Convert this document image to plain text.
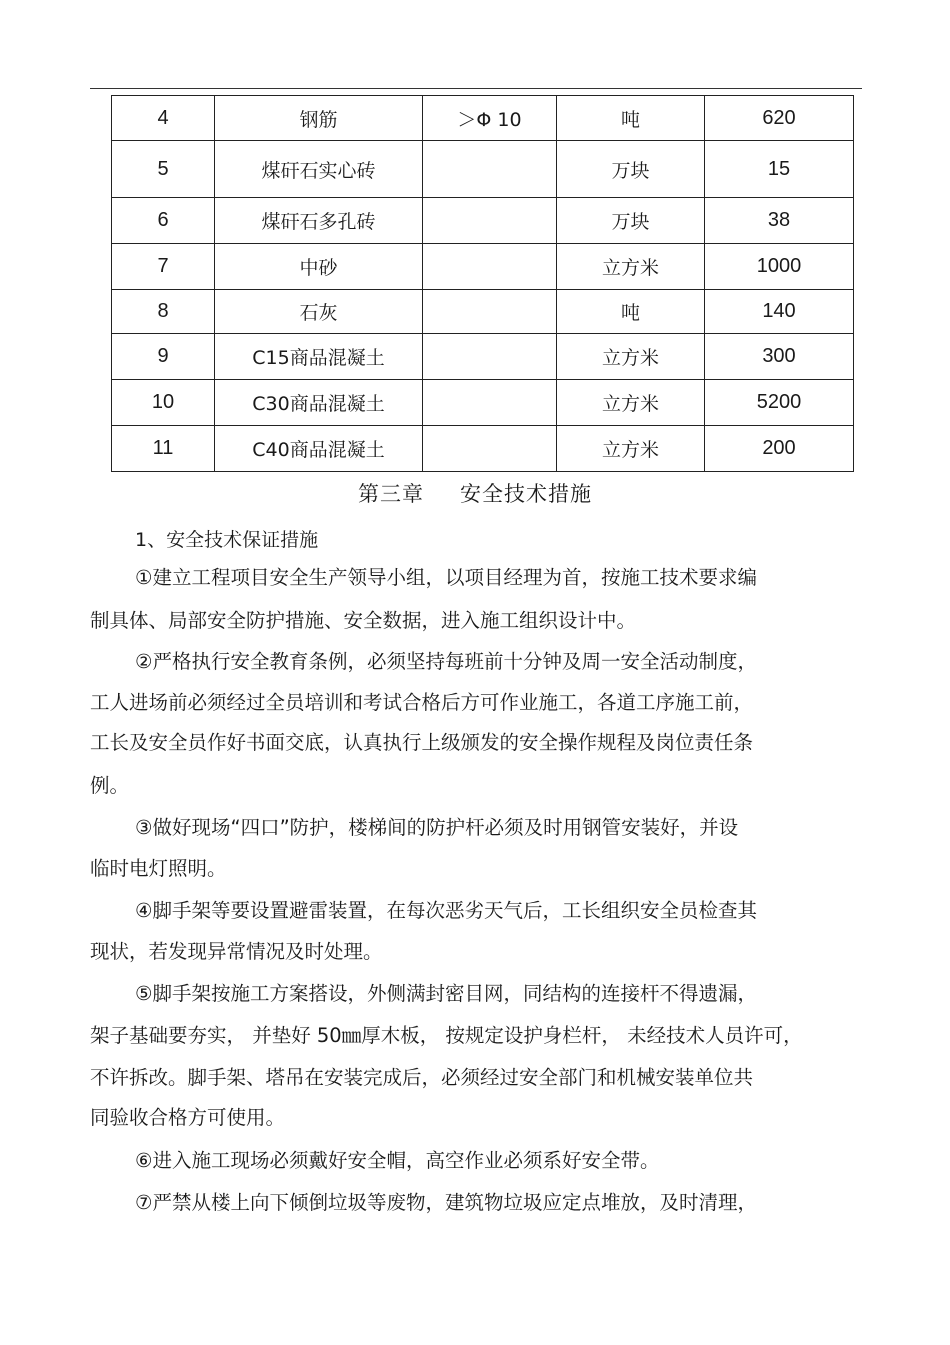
4	钢筋	＞Φ 10	吨	620
5	煤矸石实心砖		万块	15
6	煤矸石多孔砖		万块	38
7	中砂		立方米	1000
8	石灰		吨	140
9	C15商品混凝土		立方米	300
10	C30商品混凝土		立方米	5200
11	C40商品混凝土		立方米	200
第三章 安全技术措施
1、安全技术保证措施
①建立工程项目安全生产领导小组，以项目经理为首，按施工技术要求编
制具体、局部安全防护措施、安全数据，进入施工组织设计中。
②严格执行安全教育条例，必须坚持每班前十分钟及周一安全活动制度，
工人进场前必须经过全员培训和考试合格后方可作业施工，各道工序施工前，
工长及安全员作好书面交底，认真执行上级颁发的安全操作规程及岗位责任条
例。
③做好现场“四口”防护，楼梯间的防护杆必须及时用钢管安装好，并设
临时电灯照明。
④脚手架等要设置避雷装置，在每次恶劣天气后，工长组织安全员检查其
现状，若发现异常情况及时处理。
⑤脚手架按施工方案搭设，外侧满封密目网，同结构的连接杆不得遗漏，
架子基础要夯实， 并垫好 50㎜厚木板， 按规定设护身栏杆， 未经技术人员许可，
不许拆改。脚手架、塔吊在安装完成后，必须经过安全部门和机械安装单位共
同验收合格方可使用。
⑥进入施工现场必须戴好安全帽，高空作业必须系好安全带。
⑦严禁从楼上向下倾倒垃圾等废物，建筑物垃圾应定点堆放，及时清理，
